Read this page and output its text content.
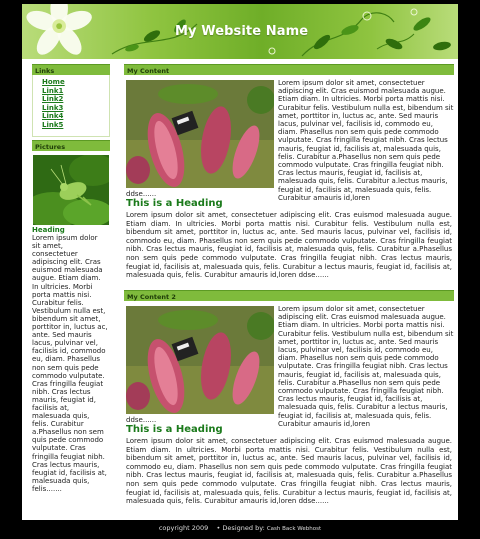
My Website Name
Links
Home
Link1
Link2
Link3
Link4
Link5
Pictures
Heading
Lorem ipsum dolor sit amet, consectetuer adipiscing elit. Cras euismod malesuada augue. Etiam diam. In ultricies. Morbi porta mattis nisi. Curabitur felis. Vestibulum nulla est, bibendum sit amet, porttitor in, luctus ac, ante. Sed mauris lacus, pulvinar vel, facilisis id, commodo eu, diam. Phasellus non sem quis pede commodo vulputate. Cras fringilla feugiat nibh. Cras lectus mauris, feugiat id, facilisis at, malesuada quis, felis. Curabitur a.Phasellus non sem quis pede commodo vulputate. Cras fringilla feugiat nibh. Cras lectus mauris, feugiat id, facilisis at, malesuada quis, felis.......
My Content
Lorem ipsum dolor sit amet, consectetuer adipiscing elit. Cras euismod malesuada augue. Etiam diam. In ultricies. Morbi porta mattis nisi. Curabitur felis. Vestibulum nulla est, bibendum sit amet, porttitor in, luctus ac, ante. Sed mauris lacus, pulvinar vel, facilisis id, commodo eu, diam. Phasellus non sem quis pede commodo vulputate. Cras fringilla feugiat nibh. Cras lectus mauris, feugiat id, facilisis at, malesuada quis, felis. Curabitur a.Phasellus non sem quis pede commodo vulputate. Cras fringilla feugiat nibh. Cras lectus mauris, feugiat id, facilisis at, malesuada quis, felis. Curabitur a.lectus mauris, feugiat id, facilisis at, malesuada quis, felis. Curabitur amauris id,loren
ddse......
This is a Heading
Lorem ipsum dolor sit amet, consectetuer adipiscing elit. Cras euismod malesuada augue. Etiam diam. In ultricies. Morbi porta mattis nisi. Curabitur felis. Vestibulum nulla est, bibendum sit amet, porttitor in, luctus ac, ante. Sed mauris lacus, pulvinar vel, facilisis id, commodo eu, diam. Phasellus non sem quis pede commodo vulputate. Cras fringilla feugiat nibh. Cras lectus mauris, feugiat id, facilisis at, malesuada quis, felis. Curabitur a.Phasellus non sem quis pede commodo vulputate. Cras fringilla feugiat nibh. Cras lectus mauris, feugiat id, facilisis at, malesuada quis, felis. Curabitur a lectus mauris, feugiat id, facilisis at, malesuada quis, felis. Curabitur amauris id,loren ddse......
My Content 2
Lorem ipsum dolor sit amet, consectetuer adipiscing elit. Cras euismod malesuada augue. Etiam diam. In ultricies. Morbi porta mattis nisi. Curabitur felis. Vestibulum nulla est, bibendum sit amet, porttitor in, luctus ac, ante. Sed mauris lacus, pulvinar vel, facilisis id, commodo eu, diam. Phasellus non sem quis pede commodo vulputate. Cras fringilla feugiat nibh. Cras lectus mauris, feugiat id, facilisis at, malesuada quis, felis. Curabitur a.Phasellus non sem quis pede commodo vulputate. Cras fringilla feugiat nibh. Cras lectus mauris, feugiat id, facilisis at, malesuada quis, felis. Curabitur a lectus mauris, feugiat id, facilisis at, malesuada quis, felis. Curabitur amauris id,loren
ddse......
This is a Heading
Lorem ipsum dolor sit amet, consectetuer adipiscing elit. Cras euismod malesuada augue. Etiam diam. In ultricies. Morbi porta mattis nisi. Curabitur felis. Vestibulum nulla est, bibendum sit amet, porttitor in, luctus ac, ante. Sed mauris lacus, pulvinar vel, facilisis id, commodo eu, diam. Phasellus non sem quis pede commodo vulputate. Cras fringilla feugiat nibh. Cras lectus mauris, feugiat id, facilisis at, malesuada quis, felis. Curabitur a.Phasellus non sem quis pede commodo vulputate. Cras fringilla feugiat nibh. Cras lectus mauris, feugiat id, facilisis at, malesuada quis, felis. Curabitur a lectus mauris, feugiat id, facilisis at, malesuada quis, felis. Curabitur amauris id,loren ddse......
copyright 2009 • Designed by: Cash Back Webhost
